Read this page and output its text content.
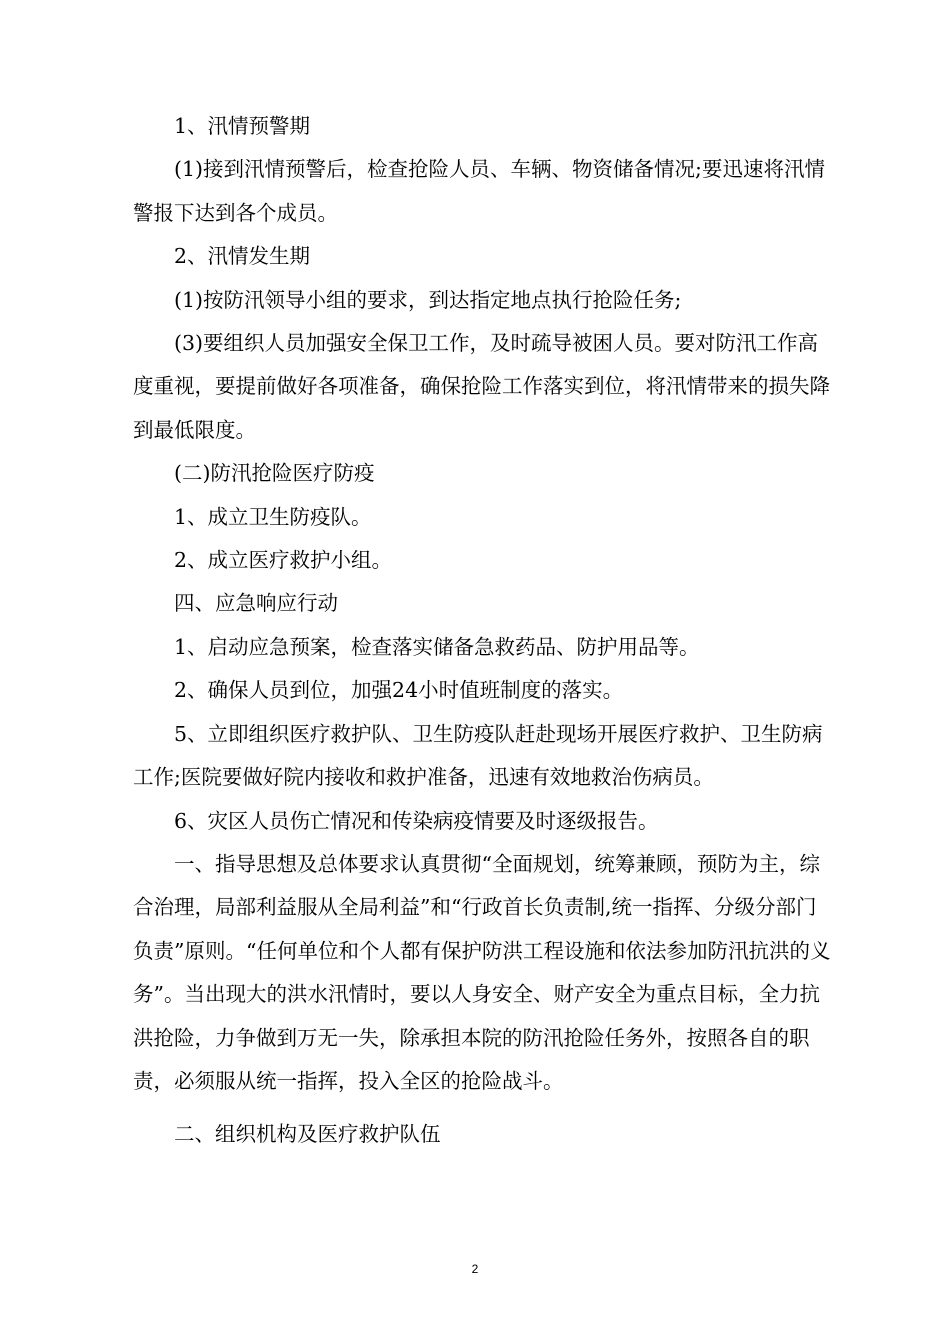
1、汛情预警期

(1)接到汛情预警后，检查抢险人员、车辆、物资储备情况;要迅速将汛情警报下达到各个成员。

2、汛情发生期

(1)按防汛领导小组的要求，到达指定地点执行抢险任务;

(3)要组织人员加强安全保卫工作，及时疏导被困人员。要对防汛工作高度重视，要提前做好各项准备，确保抢险工作落实到位，将汛情带来的损失降到最低限度。

(二)防汛抢险医疗防疫

1、成立卫生防疫队。

2、成立医疗救护小组。

四、应急响应行动

1、启动应急预案，检查落实储备急救药品、防护用品等。

2、确保人员到位，加强24小时值班制度的落实。

5、立即组织医疗救护队、卫生防疫队赶赴现场开展医疗救护、卫生防病工作;医院要做好院内接收和救护准备，迅速有效地救治伤病员。

6、灾区人员伤亡情况和传染病疫情要及时逐级报告。

一、指导思想及总体要求认真贯彻“全面规划，统筹兼顾，预防为主，综合治理，局部利益服从全局利益”和“行政首长负责制,统一指挥、分级分部门负责”原则。“任何单位和个人都有保护防洪工程设施和依法参加防汛抗洪的义务”。当出现大的洪水汛情时，要以人身安全、财产安全为重点目标，全力抗洪抢险，力争做到万无一失，除承担本院的防汛抢险任务外，按照各自的职责，必须服从统一指挥，投入全区的抢险战斗。

二、组织机构及医疗救护队伍

2
